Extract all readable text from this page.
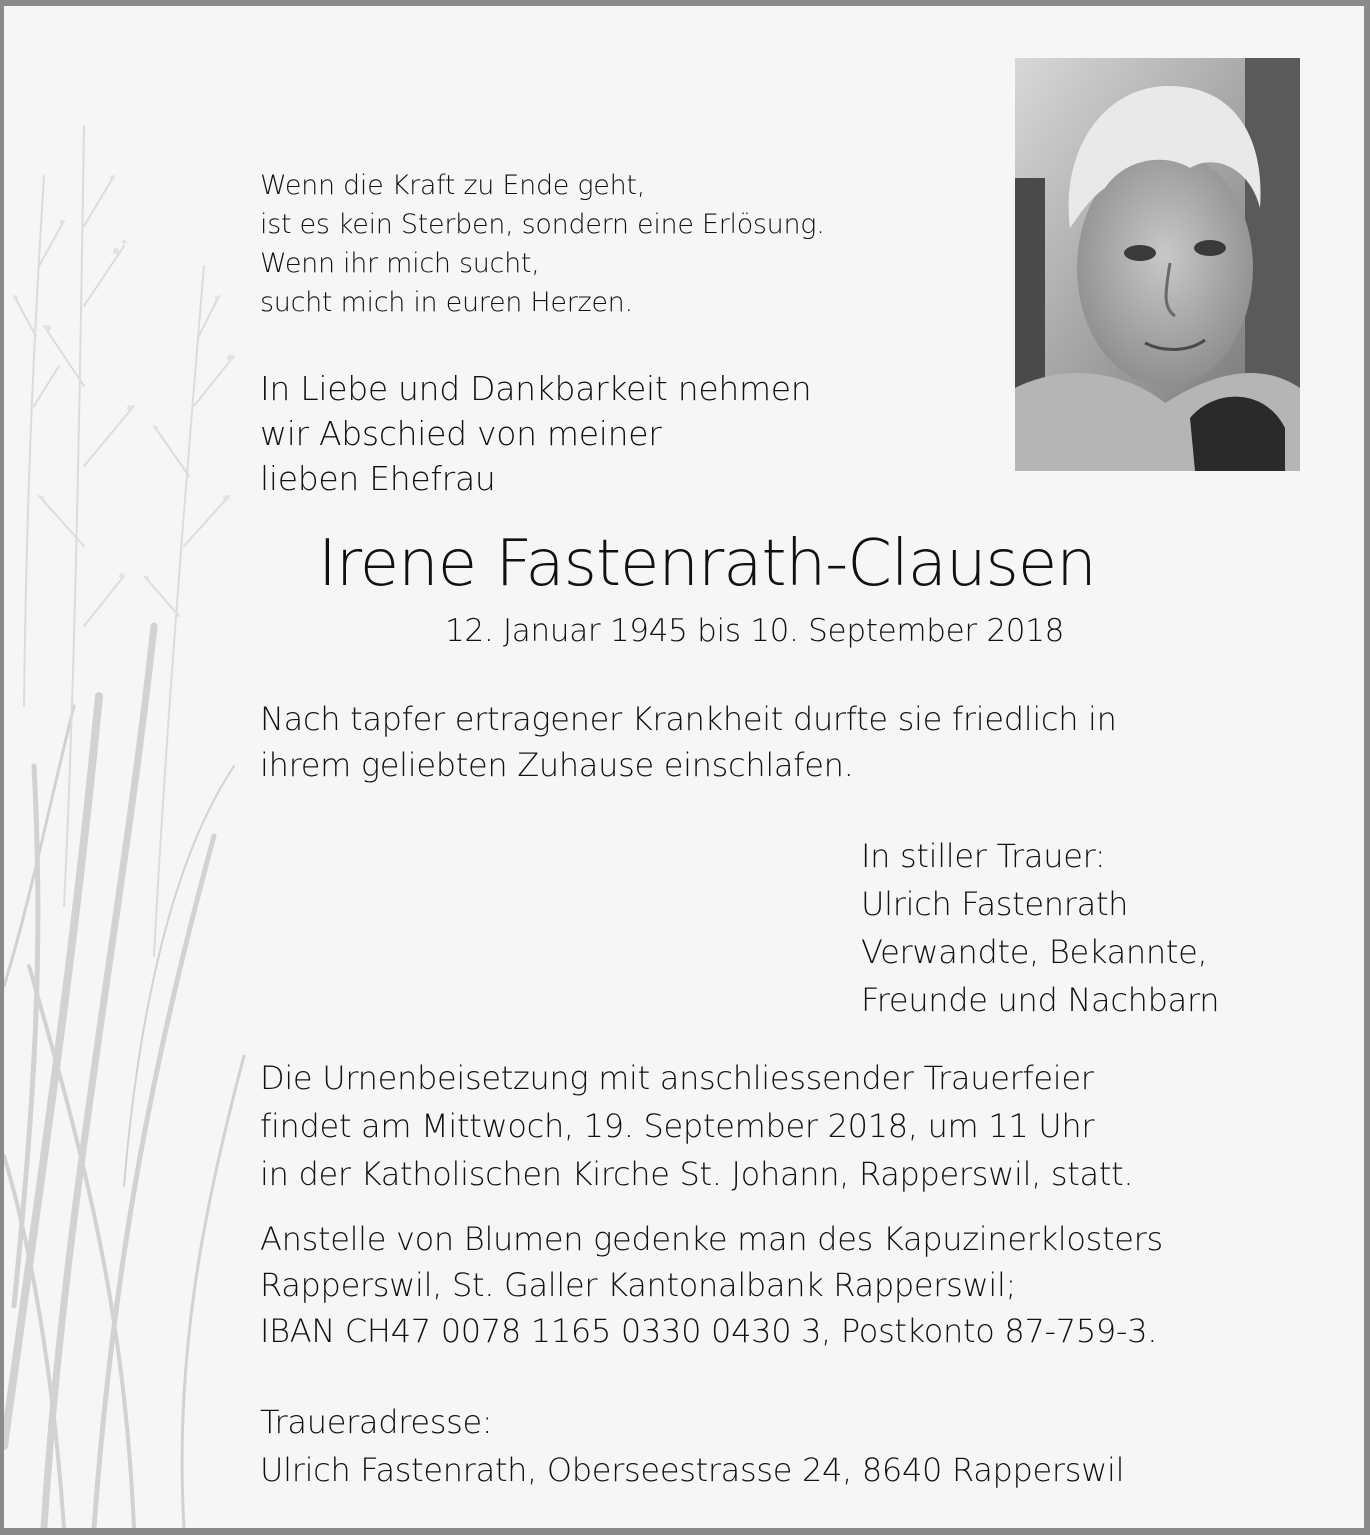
Wenn die Kraft zu Ende geht,
ist es kein Sterben, sondern eine Erlösung.
Wenn ihr mich sucht,
sucht mich in euren Herzen.

In Liebe und Dankbarkeit nehmen
wir Abschied von meiner
lieben Ehefrau

Irene Fastenrath-Clausen

12. Januar 1945 bis 10. September 2018

Nach tapfer ertragener Krankheit durfte sie friedlich in
ihrem geliebten Zuhause einschlafen.

In stiller Trauer:
Ulrich Fastenrath
Verwandte, Bekannte,
Freunde und Nachbarn

Die Urnenbeisetzung mit anschliessender Trauerfeier
findet am Mittwoch, 19. September 2018, um 11 Uhr
in der Katholischen Kirche St. Johann, Rapperswil, statt.

Anstelle von Blumen gedenke man des Kapuzinerklosters
Rapperswil, St. Galler Kantonalbank Rapperswil;
IBAN CH47 0078 1165 0330 0430 3, Postkonto 87-759-3.

Traueradresse:
Ulrich Fastenrath, Oberseestrasse 24, 8640 Rapperswil
